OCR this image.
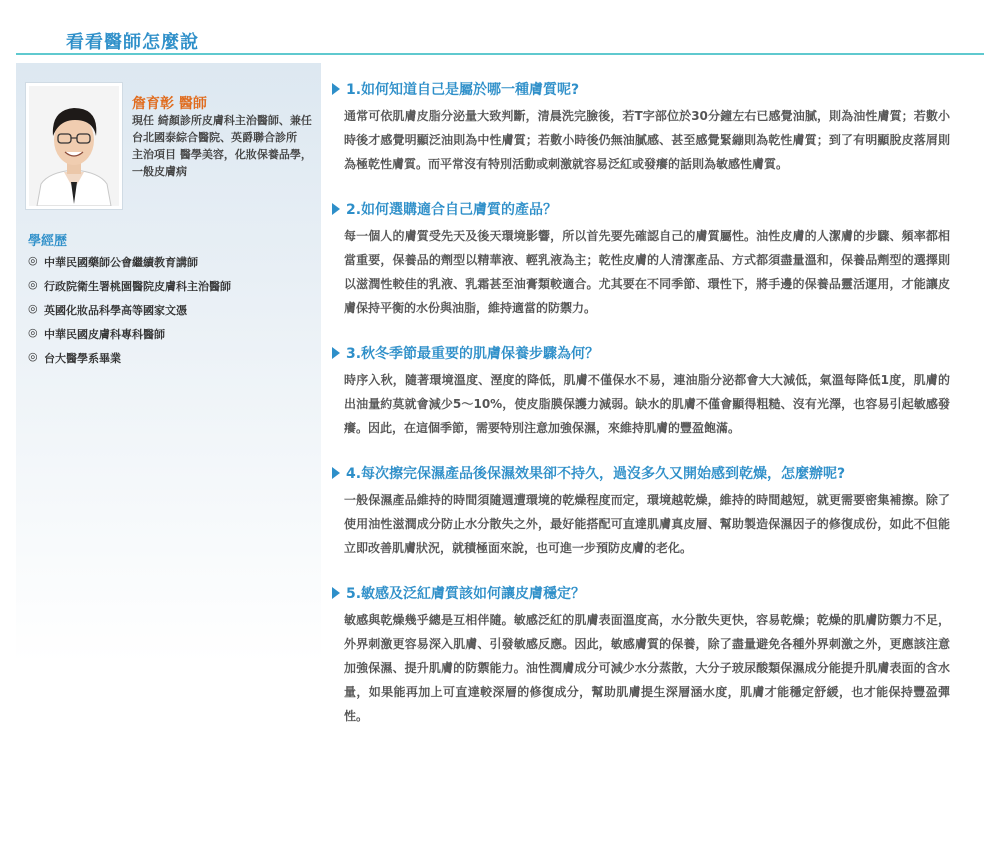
看看醫師怎麼說
詹育彰 醫師

現任 綺顏診所皮膚科主治醫師、兼任台北國泰綜合醫院、英爵聯合診所

主治項目 醫學美容，化妝保養品學，一般皮膚病

學經歷
◎ 中華民國藥師公會繼續教育講師
◎ 行政院衛生署桃園醫院皮膚科主治醫師
◎ 英國化妝品科學高等國家文憑
◎ 中華民國皮膚科專科醫師
◎ 台大醫學系畢業
1.如何知道自己是屬於哪一種膚質呢?

通常可依肌膚皮脂分泌量大致判斷，清晨洗完臉後，若T字部位於30分鐘左右已感覺油膩，則為油性膚質；若數小時後才感覺明顯泛油則為中性膚質；若數小時後仍無油膩感、甚至感覺緊繃則為乾性膚質；到了有明顯脫皮落屑則為極乾性膚質。而平常沒有特別活動或刺激就容易泛紅或發癢的話則為敏感性膚質。

2.如何選購適合自己膚質的產品？

每一個人的膚質受先天及後天環境影響，所以首先要先確認自己的膚質屬性。油性皮膚的人潔膚的步驟、頻率都相當重要，保養品的劑型以精華液、輕乳液為主；乾性皮膚的人清潔產品、方式都須盡量溫和，保養品劑型的選擇則以滋潤性較佳的乳液、乳霜甚至油膏類較適合。尤其要在不同季節、環性下，將手邊的保養品靈活運用，才能讓皮膚保持平衡的水份與油脂，維持適當的防禦力。

3.秋冬季節最重要的肌膚保養步驟為何？

時序入秋，隨著環境溫度、溼度的降低，肌膚不僅保水不易，連油脂分泌都會大大減低，氣溫每降低1度，肌膚的出油量約莫就會減少5～10%，使皮脂膜保護力減弱。缺水的肌膚不僅會顯得粗糙、沒有光澤，也容易引起敏感發癢。因此，在這個季節，需要特別注意加強保濕，來維持肌膚的豐盈飽滿。

4.每次擦完保濕產品後保濕效果卻不持久，過沒多久又開始感到乾燥，怎麼辦呢?

一般保濕產品維持的時間須隨週遭環境的乾燥程度而定，環境越乾燥，維持的時間越短，就更需要密集補擦。除了使用油性滋潤成分防止水分散失之外，最好能搭配可直達肌膚真皮層、幫助製造保濕因子的修復成份，如此不但能立即改善肌膚狀況，就積極面來說，也可進一步預防皮膚的老化。

5.敏感及泛紅膚質該如何讓皮膚穩定？

敏感與乾燥幾乎總是互相伴隨。敏感泛紅的肌膚表面溫度高，水分散失更快，容易乾燥；乾燥的肌膚防禦力不足，外界刺激更容易深入肌膚、引發敏感反應。因此，敏感膚質的保養，除了盡量避免各種外界刺激之外，更應該注意加強保濕、提升肌膚的防禦能力。油性潤膚成分可減少水分蒸散，大分子玻尿酸類保濕成分能提升肌膚表面的含水量，如果能再加上可直達較深層的修復成分，幫助肌膚提生深層涵水度，肌膚才能穩定舒緩，也才能保持豐盈彈性。
